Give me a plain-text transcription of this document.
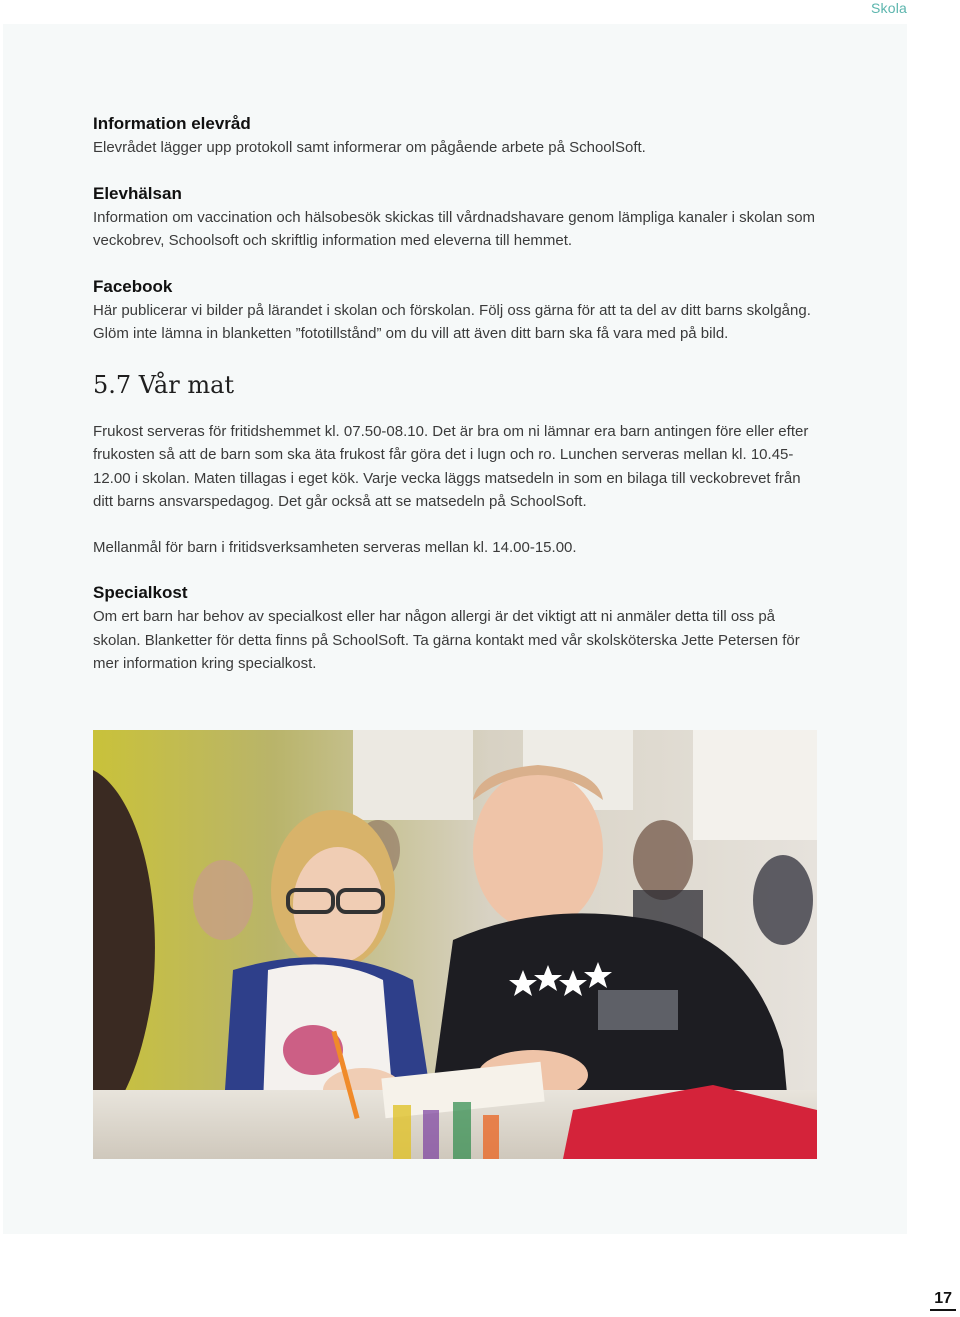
Skola
Information elevråd

Elevrådet lägger upp protokoll samt informerar om pågående arbete på SchoolSoft.

Elevhälsan

Information om vaccination och hälsobesök skickas till vårdnadshavare genom lämpliga kanaler i skolan som veckobrev, Schoolsoft och skriftlig information med eleverna till hemmet.

Facebook

Här publicerar vi bilder på lärandet i skolan och förskolan. Följ oss gärna för att ta del av ditt barns skolgång. Glöm inte lämna in blanketten ”fototillstånd” om du vill att även ditt barn ska få vara med på bild.

5.7 Vår mat

Frukost serveras för fritidshemmet kl. 07.50-08.10. Det är bra om ni lämnar era barn antingen före eller efter frukosten så att de barn som ska äta frukost får göra det i lugn och ro. Lunchen serveras mellan kl. 10.45-12.00 i skolan. Maten tillagas i eget kök. Varje vecka läggs matsedeln in som en bilaga till veckobrevet från ditt barns ansvarspedagog. Det går också att se matsedeln på SchoolSoft.

Mellanmål för barn i fritidsverksamheten serveras mellan kl. 14.00-15.00.

Specialkost

Om ert barn har behov av specialkost eller har någon allergi är det viktigt att ni anmäler detta till oss på skolan. Blanketter för detta finns på SchoolSoft. Ta gärna kontakt med vår skolsköterska Jette Petersen för mer information kring specialkost.

17
